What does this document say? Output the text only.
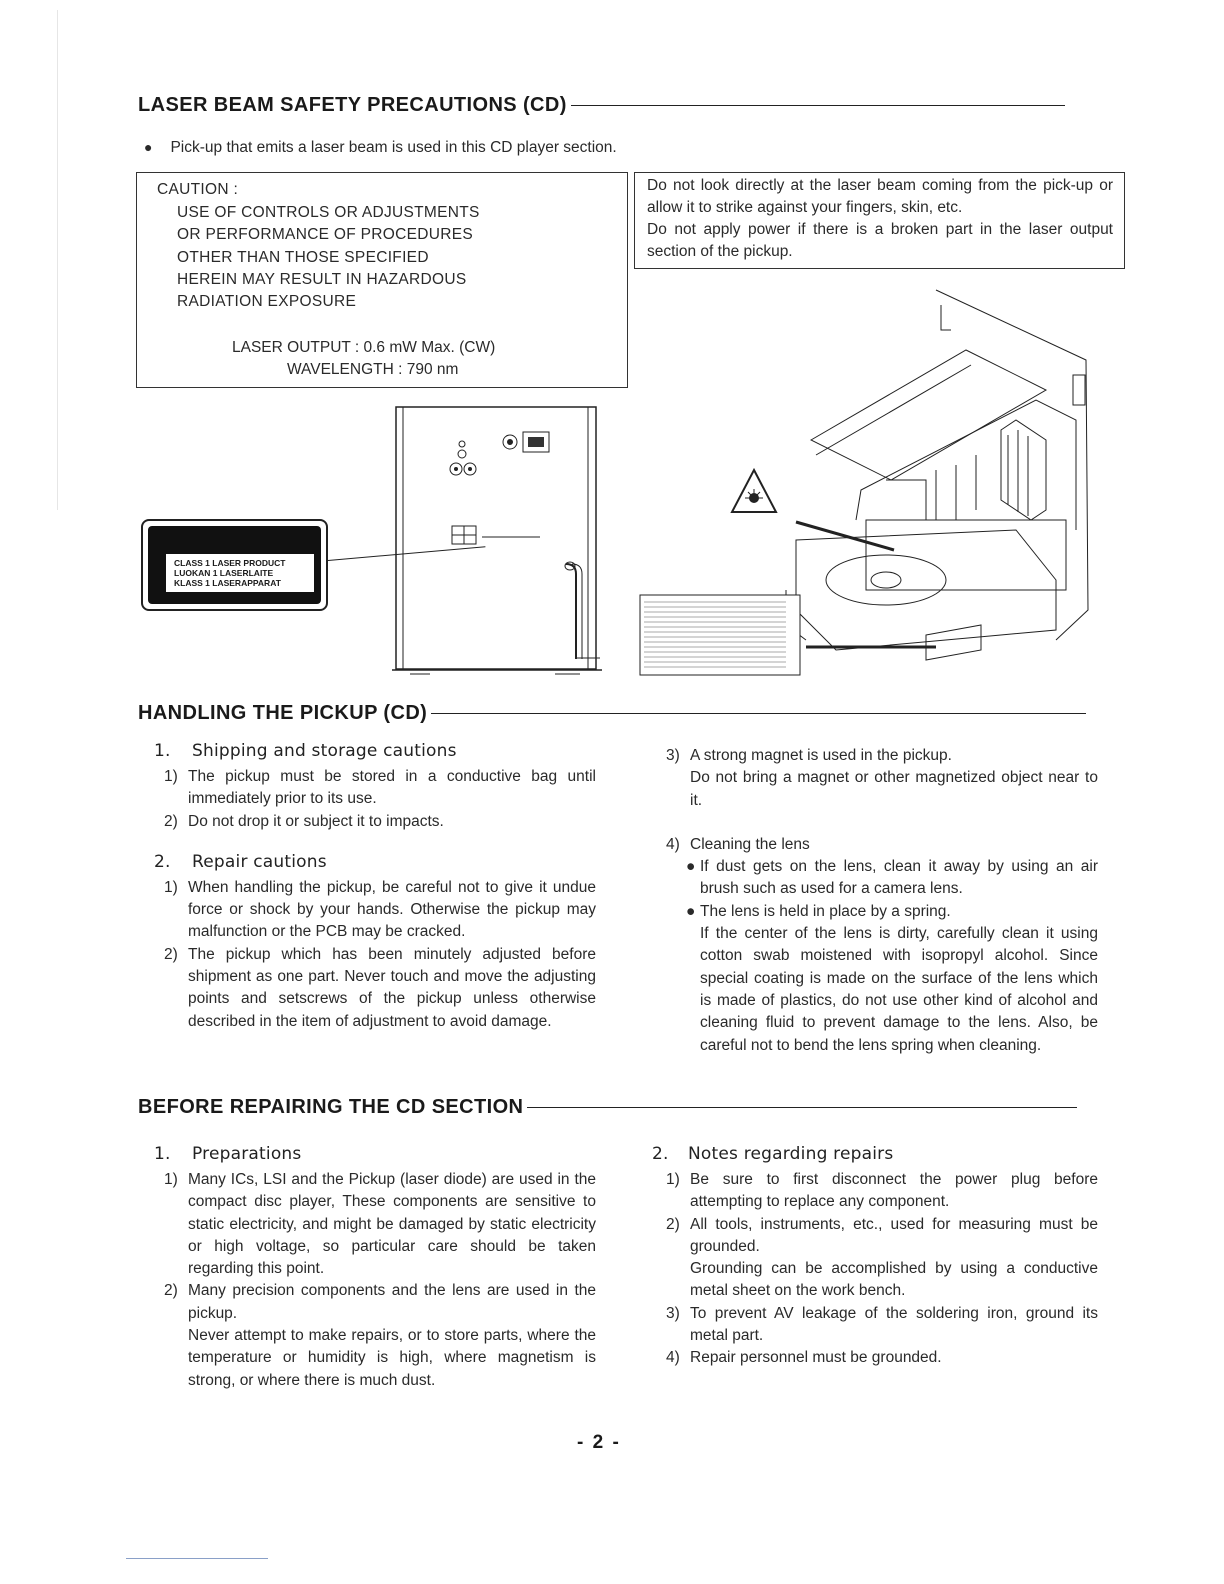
LASER BEAM SAFETY PRECAUTIONS (CD)
● Pick-up that emits a laser beam is used in this CD player section.
CAUTION :
USE OF CONTROLS OR ADJUSTMENTS
OR PERFORMANCE OF PROCEDURES
OTHER THAN THOSE SPECIFIED
HEREIN MAY RESULT IN HAZARDOUS
RADIATION EXPOSURE
LASER OUTPUT : 0.6 mW Max. (CW)
WAVELENGTH : 790 nm
Do not look directly at the laser beam coming from the pick-up or allow it to strike against your fingers, skin, etc.
Do not apply power if there is a broken part in the laser output section of the pickup.
CLASS 1 LASER PRODUCT
LUOKAN 1 LASERLAITE
KLASS 1 LASERAPPARAT
HANDLING THE PICKUP (CD)
1. Shipping and storage cautions
1) The pickup must be stored in a conductive bag until immediately prior to its use.
2) Do not drop it or subject it to impacts.
2. Repair cautions
1) When handling the pickup, be careful not to give it undue force or shock by your hands. Otherwise the pickup may malfunction or the PCB may be cracked.
2) The pickup which has been minutely adjusted before shipment as one part. Never touch and move the adjusting points and setscrews of the pickup unless otherwise described in the item of adjustment to avoid damage.
3) A strong magnet is used in the pickup.
Do not bring a magnet or other magnetized object near to it.
4) Cleaning the lens
● If dust gets on the lens, clean it away by using an air brush such as used for a camera lens.
● The lens is held in place by a spring.
If the center of the lens is dirty, carefully clean it using cotton swab moistened with isopropyl alcohol. Since special coating is made on the surface of the lens which is made of plastics, do not use other kind of alcohol and cleaning fluid to prevent damage to the lens. Also, be careful not to bend the lens spring when cleaning.
BEFORE REPAIRING THE CD SECTION
1. Preparations
1) Many ICs, LSI and the Pickup (laser diode) are used in the compact disc player, These components are sensitive to static electricity, and might be damaged by static electricity or high voltage, so particular care should be taken regarding this point.
2) Many precision components and the lens are used in the pickup.
Never attempt to make repairs, or to store parts, where the temperature or humidity is high, where magnetism is strong, or where there is much dust.
2. Notes regarding repairs
1) Be sure to first disconnect the power plug before attempting to replace any component.
2) All tools, instruments, etc., used for measuring must be grounded.
Grounding can be accomplished by using a conductive metal sheet on the work bench.
3) To prevent AV leakage of the soldering iron, ground its metal part.
4) Repair personnel must be grounded.
- 2 -
